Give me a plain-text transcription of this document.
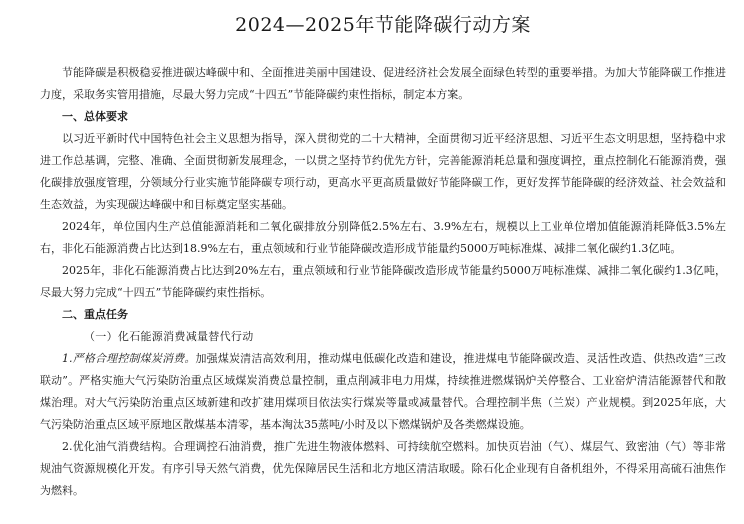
2024—2025年节能降碳行动方案

节能降碳是积极稳妥推进碳达峰碳中和、全面推进美丽中国建设、促进经济社会发展全面绿色转型的重要举措。为加大节能降碳工作推进力度，采取务实管用措施，尽最大努力完成“十四五”节能降碳约束性指标，制定本方案。

一、总体要求

以习近平新时代中国特色社会主义思想为指导，深入贯彻党的二十大精神，全面贯彻习近平经济思想、习近平生态文明思想，坚持稳中求进工作总基调，完整、准确、全面贯彻新发展理念，一以贯之坚持节约优先方针，完善能源消耗总量和强度调控，重点控制化石能源消费，强化碳排放强度管理，分领域分行业实施节能降碳专项行动，更高水平更高质量做好节能降碳工作，更好发挥节能降碳的经济效益、社会效益和生态效益，为实现碳达峰碳中和目标奠定坚实基础。

2024年，单位国内生产总值能源消耗和二氧化碳排放分别降低2.5%左右、3.9%左右，规模以上工业单位增加值能源消耗降低3.5%左右，非化石能源消费占比达到18.9%左右，重点领域和行业节能降碳改造形成节能量约5000万吨标准煤、减排二氧化碳约1.3亿吨。

2025年，非化石能源消费占比达到20%左右，重点领域和行业节能降碳改造形成节能量约5000万吨标准煤、减排二氧化碳约1.3亿吨，尽最大努力完成“十四五”节能降碳约束性指标。

二、重点任务

（一）化石能源消费减量替代行动

1.严格合理控制煤炭消费。加强煤炭清洁高效利用，推动煤电低碳化改造和建设，推进煤电节能降碳改造、灵活性改造、供热改造“三改联动”。严格实施大气污染防治重点区域煤炭消费总量控制，重点削减非电力用煤，持续推进燃煤锅炉关停整合、工业窑炉清洁能源替代和散煤治理。对大气污染防治重点区域新建和改扩建用煤项目依法实行煤炭等量或减量替代。合理控制半焦（兰炭）产业规模。到2025年底，大气污染防治重点区域平原地区散煤基本清零，基本淘汰35蒸吨/小时及以下燃煤锅炉及各类燃煤设施。

2.优化油气消费结构。合理调控石油消费，推广先进生物液体燃料、可持续航空燃料。加快页岩油（气）、煤层气、致密油（气）等非常规油气资源规模化开发。有序引导天然气消费，优先保障居民生活和北方地区清洁取暖。除石化企业现有自备机组外，不得采用高硫石油焦作为燃料。
